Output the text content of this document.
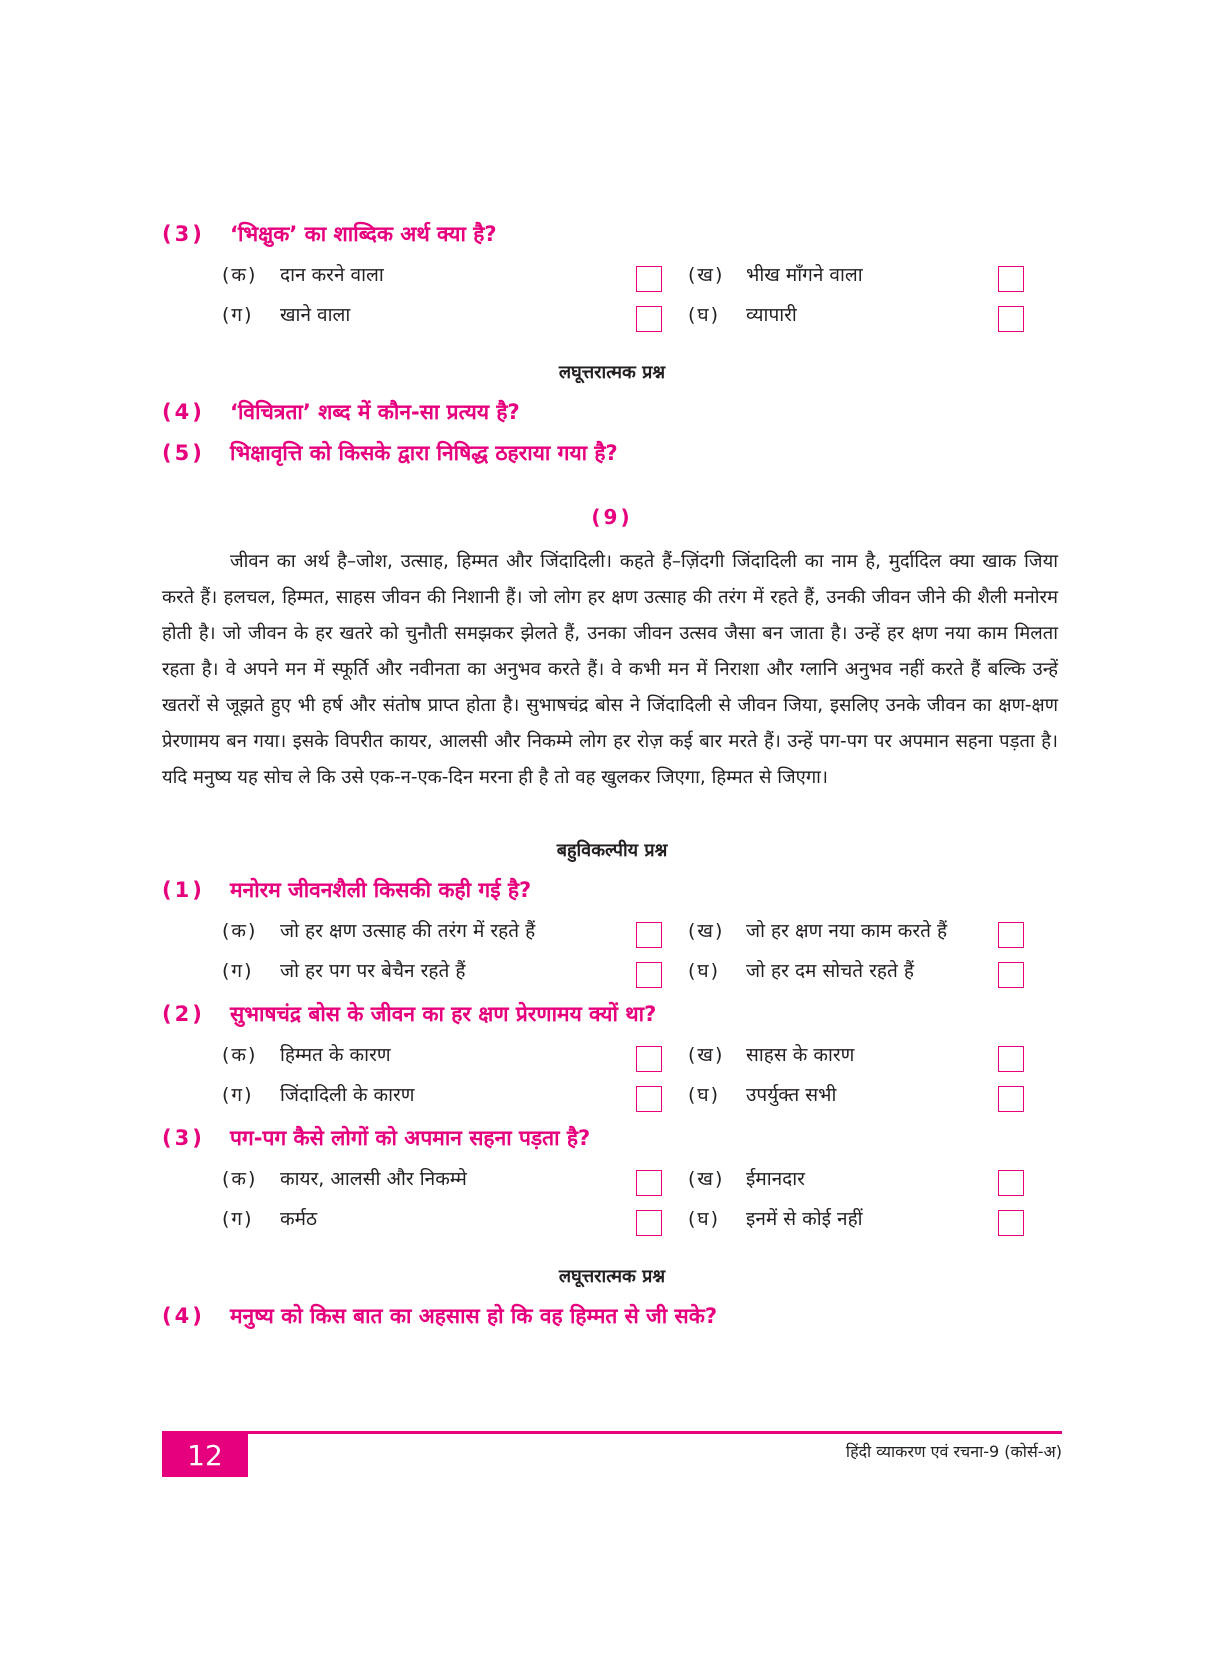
(3)	‘भिक्षुक’ का शाब्दिक अर्थ क्या है?
(क)	दान करने वाला	(ख)	भीख माँगने वाला
(ग)	खाने वाला	(घ)	व्यापारी
लघूत्तरात्मक प्रश्न
(4)	‘विचित्रता’ शब्द में कौन-सा प्रत्यय है?
(5)	भिक्षावृत्ति को किसके द्वारा निषिद्ध ठहराया गया है?
(9)

जीवन का अर्थ है–जोश, उत्साह, हिम्मत और जिंदादिली। कहते हैं–ज़िंदगी जिंदादिली का नाम है, मुर्दादिल क्या खाक जिया करते हैं। हलचल, हिम्मत, साहस जीवन की निशानी हैं। जो लोग हर क्षण उत्साह की तरंग में रहते हैं, उनकी जीवन जीने की शैली मनोरम होती है। जो जीवन के हर खतरे को चुनौती समझकर झेलते हैं, उनका जीवन उत्सव जैसा बन जाता है। उन्हें हर क्षण नया काम मिलता रहता है। वे अपने मन में स्फूर्ति और नवीनता का अनुभव करते हैं। वे कभी मन में निराशा और ग्लानि अनुभव नहीं करते हैं बल्कि उन्हें खतरों से जूझते हुए भी हर्ष और संतोष प्राप्त होता है। सुभाषचंद्र बोस ने जिंदादिली से जीवन जिया, इसलिए उनके जीवन का क्षण-क्षण प्रेरणामय बन गया। इसके विपरीत कायर, आलसी और निकम्मे लोग हर रोज़ कई बार मरते हैं। उन्हें पग-पग पर अपमान सहना पड़ता है। यदि मनुष्य यह सोच ले कि उसे एक-न-एक-दिन मरना ही है तो वह खुलकर जिएगा, हिम्मत से जिएगा।

बहुविकल्पीय प्रश्न
(1)	मनोरम जीवनशैली किसकी कही गई है?
(क)	जो हर क्षण उत्साह की तरंग में रहते हैं	(ख)	जो हर क्षण नया काम करते हैं
(ग)	जो हर पग पर बेचैन रहते हैं	(घ)	जो हर दम सोचते रहते हैं
(2)	सुभाषचंद्र बोस के जीवन का हर क्षण प्रेरणामय क्यों था?
(क)	हिम्मत के कारण	(ख)	साहस के कारण
(ग)	जिंदादिली के कारण	(घ)	उपर्युक्त सभी
(3)	पग-पग कैसे लोगों को अपमान सहना पड़ता है?
(क)	कायर, आलसी और निकम्मे	(ख)	ईमानदार
(ग)	कर्मठ	(घ)	इनमें से कोई नहीं
लघूत्तरात्मक प्रश्न
(4)	मनुष्य को किस बात का अहसास हो कि वह हिम्मत से जी सके?
12	हिंदी व्याकरण एवं रचना-9 (कोर्स-अ)
